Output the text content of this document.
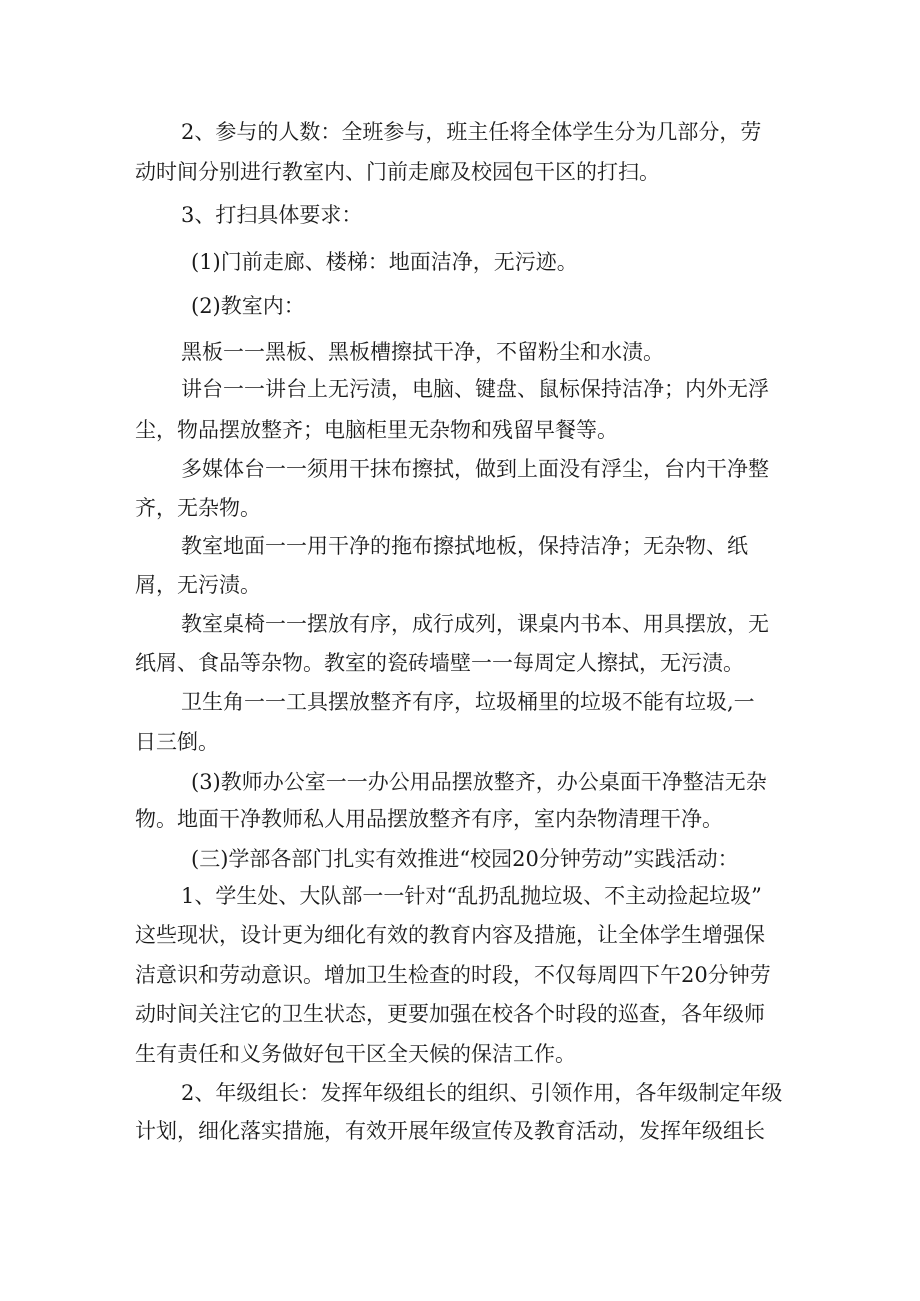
2、参与的人数：全班参与，班主任将全体学生分为几部分，劳

动时间分别进行教室内、门前走廊及校园包干区的打扫。

3、打扫具体要求：

(1)门前走廊、楼梯：地面洁净，无污迹。

(2)教室内：

黑板一一黑板、黑板槽擦拭干净，不留粉尘和水渍。

讲台一一讲台上无污渍，电脑、键盘、鼠标保持洁净；内外无浮

尘，物品摆放整齐；电脑柜里无杂物和残留早餐等。

多媒体台一一须用干抹布擦拭，做到上面没有浮尘，台内干净整

齐，无杂物。

教室地面一一用干净的拖布擦拭地板，保持洁净；无杂物、纸

屑，无污渍。

教室桌椅一一摆放有序，成行成列，课桌内书本、用具摆放，无

纸屑、食品等杂物。教室的瓷砖墙壁一一每周定人擦拭，无污渍。

卫生角一一工具摆放整齐有序，垃圾桶里的垃圾不能有垃圾,一

日三倒。

(3)教师办公室一一办公用品摆放整齐，办公桌面干净整洁无杂

物。地面干净教师私人用品摆放整齐有序，室内杂物清理干净。

(三)学部各部门扎实有效推进“校园20分钟劳动”实践活动：

1、学生处、大队部一一针对“乱扔乱抛垃圾、不主动捡起垃圾”

这些现状，设计更为细化有效的教育内容及措施，让全体学生增强保

洁意识和劳动意识。增加卫生检查的时段，不仅每周四下午20分钟劳

动时间关注它的卫生状态，更要加强在校各个时段的巡查，各年级师

生有责任和义务做好包干区全天候的保洁工作。

2、年级组长：发挥年级组长的组织、引领作用，各年级制定年级

计划，细化落实措施，有效开展年级宣传及教育活动，发挥年级组长
